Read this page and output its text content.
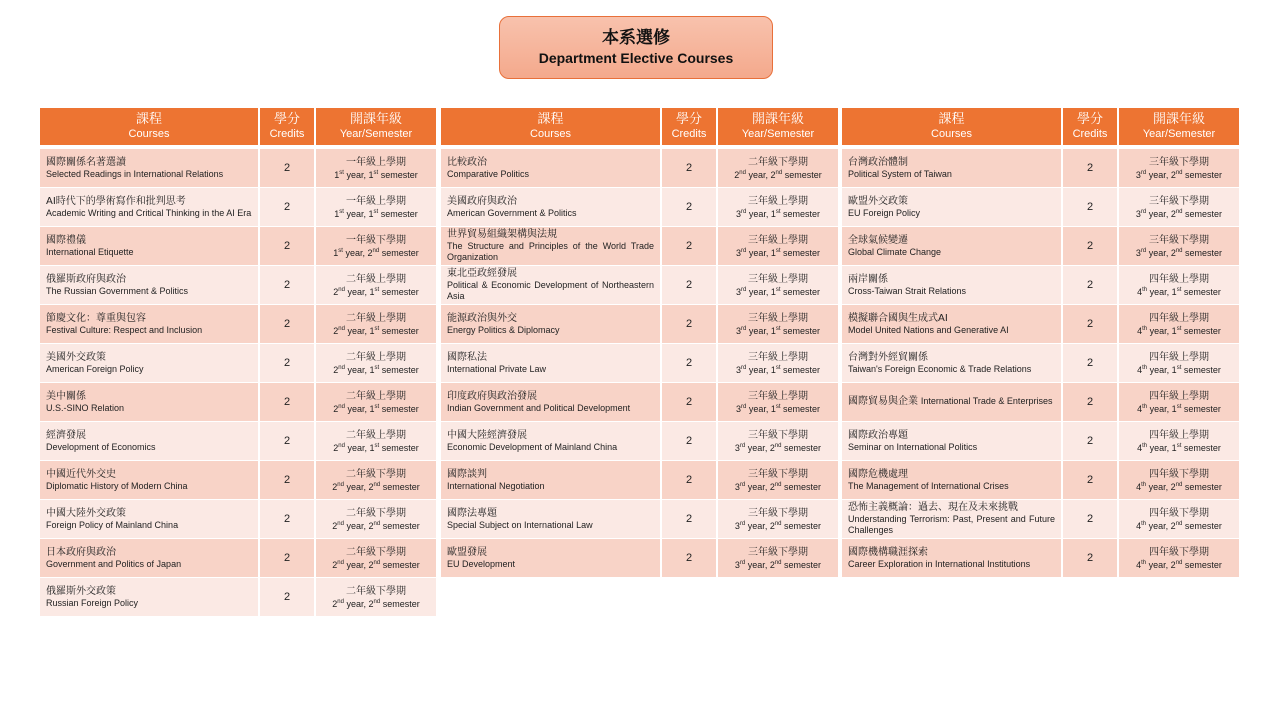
本系選修
Department Elective Courses
課程
Courses	學分
Credits	開課年級
Year/Semester

國際關係名著選讀
Selected Readings in International Relations	2	一年級上學期
1st year, 1st semester

AI時代下的學術寫作和批判思考
Academic Writing and Critical Thinking in the AI Era	2	一年級上學期
1st year, 1st semester

國際禮儀
International Etiquette	2	一年級下學期
1st year, 2nd semester

俄羅斯政府與政治
The Russian Government & Politics	2	二年級上學期
2nd year, 1st semester

節慶文化：尊重與包容
Festival Culture: Respect and Inclusion	2	二年級上學期
2nd year, 1st semester

美國外交政策
American Foreign Policy	2	二年級上學期
2nd year, 1st semester

美中關係
U.S.-SINO Relation	2	二年級上學期
2nd year, 1st semester

經濟發展
Development of Economics	2	二年級上學期
2nd year, 1st semester

中國近代外交史
Diplomatic History of Modern China	2	二年級下學期
2nd year, 2nd semester

中國大陸外交政策
Foreign Policy of Mainland China	2	二年級下學期
2nd year, 2nd semester

日本政府與政治
Government and Politics of Japan	2	二年級下學期
2nd year, 2nd semester

俄羅斯外交政策
Russian Foreign Policy	2	二年級下學期
2nd year, 2nd semester
課程
Courses	學分
Credits	開課年級
Year/Semester

比較政治
Comparative Politics	2	二年級下學期
2nd year, 2nd semester

美國政府與政治
American Government & Politics	2	三年級上學期
3rd year, 1st semester

世界貿易組織架構與法規
The Structure and Principles of the World Trade Organization	2	三年級上學期
3rd year, 1st semester

東北亞政經發展
Political & Economic Development of Northeastern Asia	2	三年級上學期
3rd year, 1st semester

能源政治與外交
Energy Politics & Diplomacy	2	三年級上學期
3rd year, 1st semester

國際私法
International Private Law	2	三年級上學期
3rd year, 1st semester

印度政府與政治發展
Indian Government and Political Development	2	三年級上學期
3rd year, 1st semester

中國大陸經濟發展
Economic Development of Mainland China	2	三年級下學期
3rd year, 2nd semester

國際談判
International Negotiation	2	三年級下學期
3rd year, 2nd semester

國際法專題
Special Subject on International Law	2	三年級下學期
3rd year, 2nd semester

歐盟發展
EU Development	2	三年級下學期
3rd year, 2nd semester
課程
Courses	學分
Credits	開課年級
Year/Semester

台灣政治體制
Political System of Taiwan	2	三年級下學期
3rd year, 2nd semester

歐盟外交政策
EU Foreign Policy	2	三年級下學期
3rd year, 2nd semester

全球氣候變遷
Global Climate Change	2	三年級下學期
3rd year, 2nd semester

兩岸關係
Cross-Taiwan Strait Relations	2	四年級上學期
4th year, 1st semester

模擬聯合國與生成式AI
Model United Nations and Generative AI	2	四年級上學期
4th year, 1st semester

台灣對外經貿關係
Taiwan's Foreign Economic & Trade Relations	2	四年級上學期
4th year, 1st semester

國際貿易與企業 International Trade & Enterprises	2	四年級上學期
4th year, 1st semester

國際政治專題
Seminar on International Politics	2	四年級上學期
4th year, 1st semester

國際危機處理
The Management of International Crises	2	四年級下學期
4th year, 2nd semester

恐怖主義概論：過去、現在及未來挑戰
Understanding Terrorism: Past, Present and Future Challenges	2	四年級下學期
4th year, 2nd semester

國際機構職涯探索
Career Exploration in International Institutions	2	四年級下學期
4th year, 2nd semester
